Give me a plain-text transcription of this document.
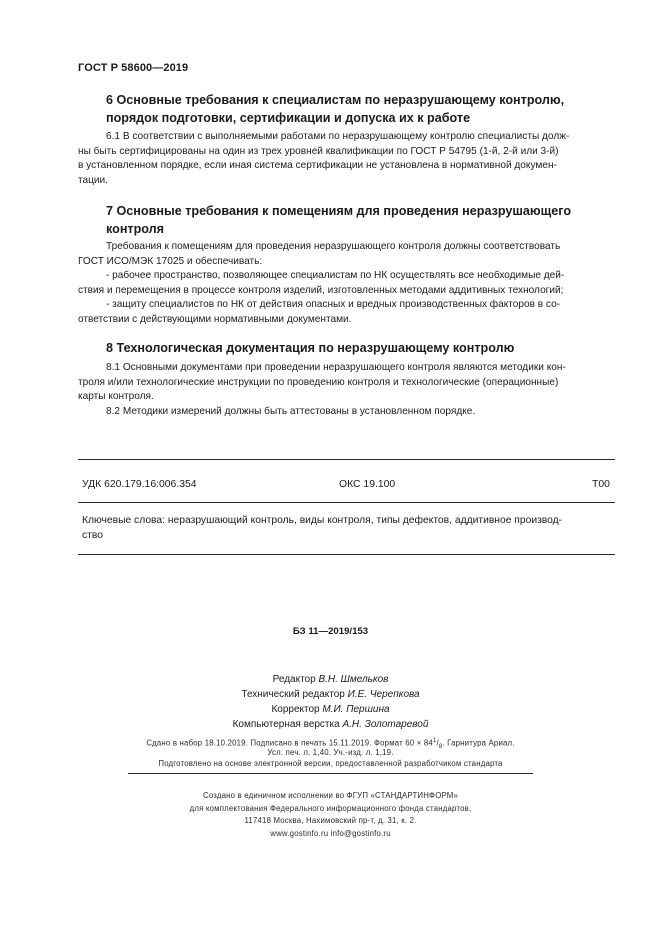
ГОСТ Р 58600—2019
6 Основные требования к специалистам по неразрушающему контролю,
порядок подготовки, сертификации и допуска их к работе
6.1 В соответствии с выполняемыми работами по неразрушающему контролю специалисты долж-
ны быть сертифицированы на один из трех уровней квалификации по ГОСТ Р 54795 (1-й, 2-й или 3-й)
в установленном порядке, если иная система сертификации не установлена в нормативной докумен-
тации.
7 Основные требования к помещениям для проведения неразрушающего
контроля
Требования к помещениям для проведения неразрушающего контроля должны соответствовать
ГОСТ ИСО/МЭК 17025 и обеспечивать:
- рабочее пространство, позволяющее специалистам по НК осуществлять все необходимые дей-
ствия и перемещения в процессе контроля изделий, изготовленных методами аддитивных технологий;
- защиту специалистов по НК от действия опасных и вредных производственных факторов в со-
ответствии с действующими нормативными документами.
8 Технологическая документация по неразрушающему контролю
8.1 Основными документами при проведении неразрушающего контроля являются методики кон-
троля и/или технологические инструкции по проведению контроля и технологические (операционные)
карты контроля.
8.2 Методики измерений должны быть аттестованы в установленном порядке.
УДК 620.179.16:006.354	ОКС 19.100	Т00
Ключевые слова: неразрушающий контроль, виды контроля, типы дефектов, аддитивное производ-
ство
БЗ 11—2019/153
Редактор В.Н. Шмельков
Технический редактор И.Е. Черепкова
Корректор М.И. Першина
Компьютерная верстка А.Н. Золотаревой
Сдано в набор 18.10.2019. Подписано в печать 15.11.2019. Формат $60 \times 84^1/_8$. Гарнитура Ариал.
Усл. печ. л. 1,40. Уч.-изд. л. 1,19.
Подготовлено на основе электронной версии, предоставленной разработчиком стандарта
Создано в единичном исполнении во ФГУП «СТАНДАРТИНФОРМ»
для комплектования Федерального информационного фонда стандартов,
117418 Москва, Нахимовский пр-т, д. 31, к. 2.
www.gostinfo.ru info@gostinfo.ru
